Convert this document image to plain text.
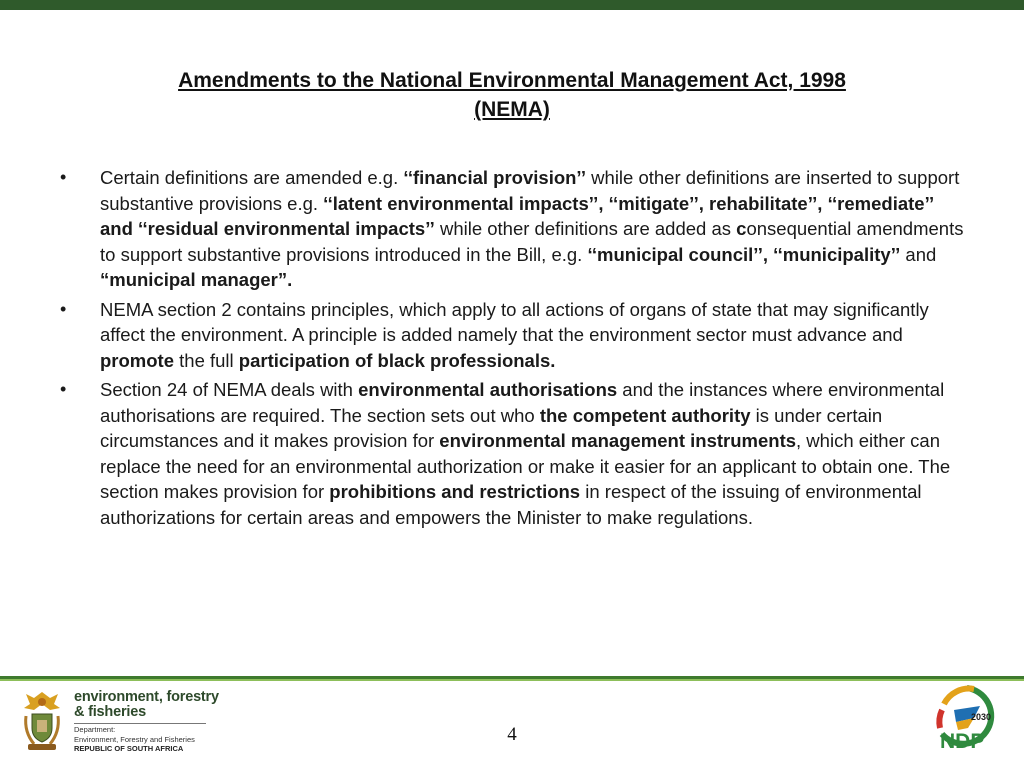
Amendments to the National Environmental Management Act, 1998
(NEMA)
• Certain definitions are amended e.g. ‘‘financial provision’’ while other definitions are inserted to support substantive provisions e.g. ‘‘latent environmental impacts’’, ‘‘mitigate’’, rehabilitate’’, ‘‘remediate’’ and ‘‘residual environmental impacts’’ while other definitions are added as consequential amendments to support substantive provisions introduced in the Bill, e.g. ‘‘municipal council’’, ‘‘municipality’’ and “municipal manager”.
• NEMA section 2 contains principles, which apply to all actions of organs of state that may significantly affect the environment. A principle is added namely that the environment sector must advance and promote the full participation of black professionals.
• Section 24 of NEMA deals with environmental authorisations and the instances where environmental authorisations are required. The section sets out who the competent authority is under certain circumstances and it makes provision for environmental management instruments, which either can replace the need for an environmental authorization or make it easier for an applicant to obtain one. The section makes provision for prohibitions and restrictions in respect of the issuing of environmental authorizations for certain areas and empowers the Minister to make regulations.
environment, forestry
& fisheries
Department:
Environment, Forestry and Fisheries
REPUBLIC OF SOUTH AFRICA
4
2030
NDP
